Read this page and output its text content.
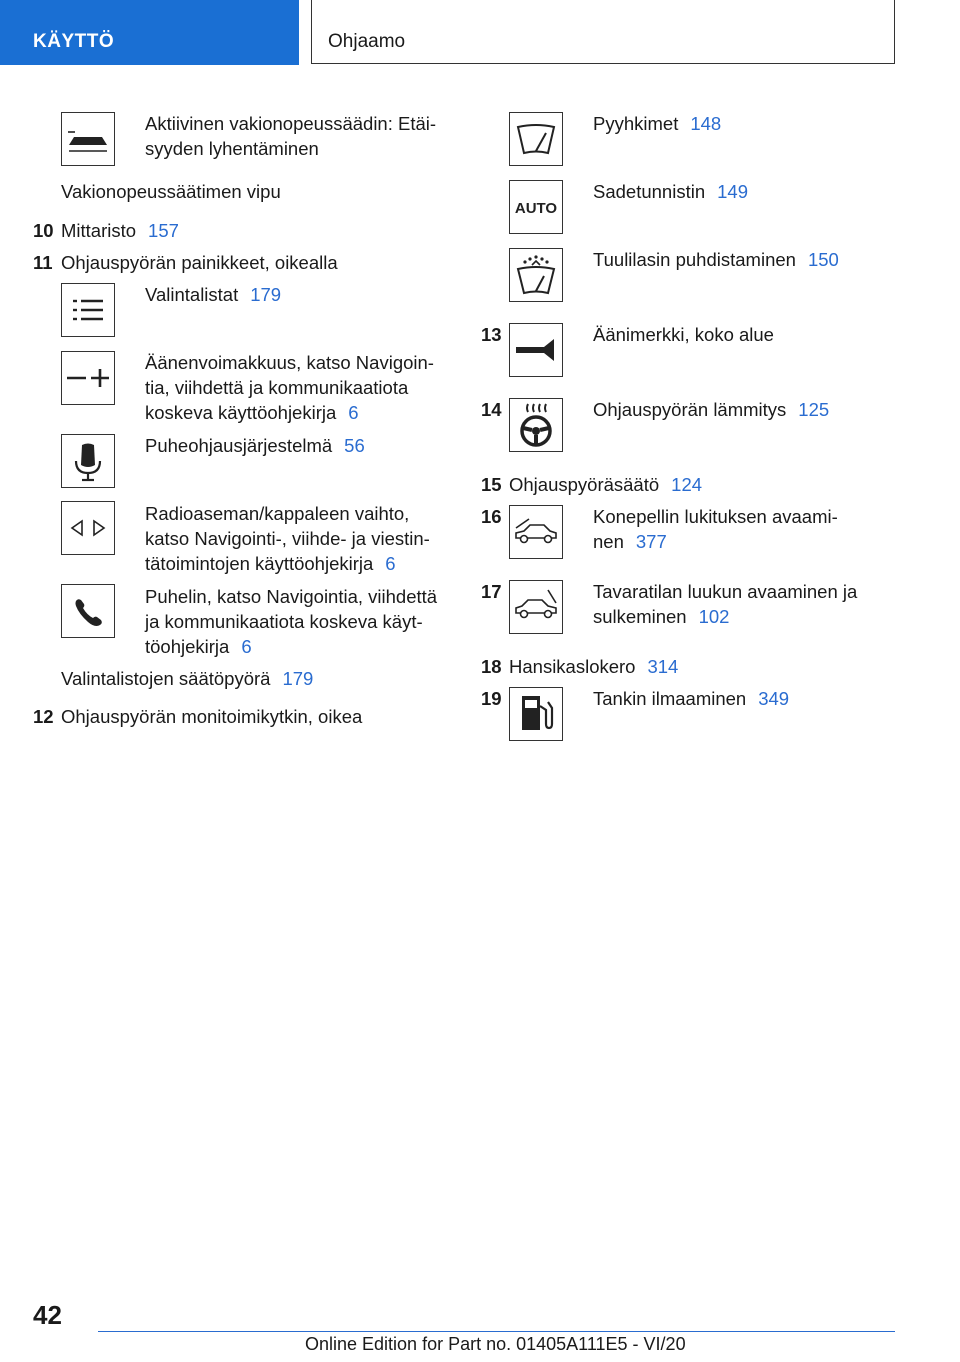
KÄYTTÖ	Ohjaamo
Aktiivinen vakionopeussäädin: Etäi-
syyden lyhentäminen
Vakionopeussäätimen vipu
10 Mittaristo 157
11 Ohjauspyörän painikkeet, oikealla
Valintalistat 179
Äänenvoimakkuus, katso Navigoin-
tia, viihdettä ja kommunikaatiota
koskeva käyttöohjekirja 6
Puheohjausjärjestelmä 56
Radioaseman/kappaleen vaihto,
katso Navigointi-, viihde- ja viestin-
tätoimintojen käyttöohjekirja 6
Puhelin, katso Navigointia, viihdettä
ja kommunikaatiota koskeva käyt-
töohjekirja 6
Valintalistojen säätöpyörä 179
12 Ohjauspyörän monitoimikytkin, oikea
Pyyhkimet 148
AUTO
Sadetunnistin 149
Tuulilasin puhdistaminen 150
13	Äänimerkki, koko alue
14	Ohjauspyörän lämmitys 125
15 Ohjauspyöräsäätö 124
16	Konepellin lukituksen avaami-
nen 377
17	Tavaratilan luukun avaaminen ja
sulkeminen 102
18 Hansikaslokero 314
19	Tankin ilmaaminen 349
42
Online Edition for Part no. 01405A111E5 - VI/20
